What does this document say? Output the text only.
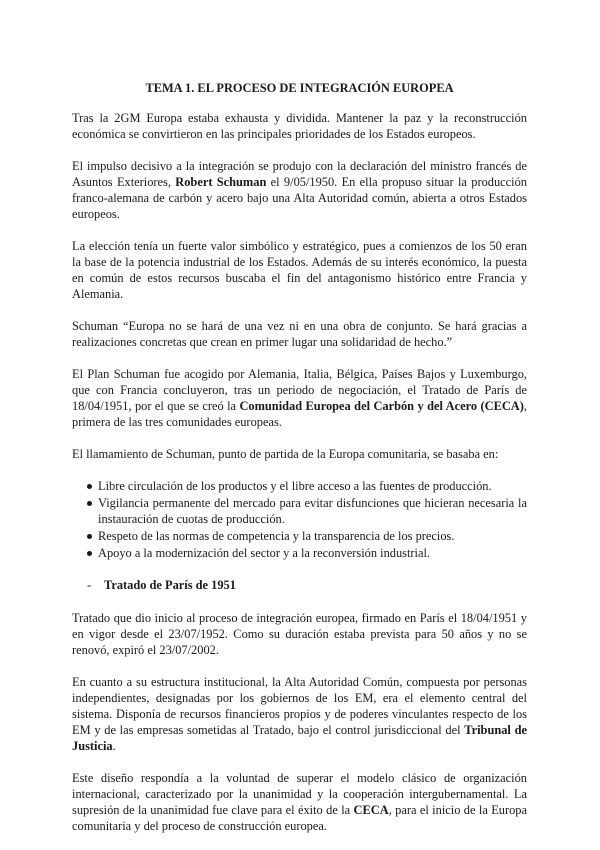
TEMA 1. EL PROCESO DE INTEGRACIÓN EUROPEA

Tras la 2GM Europa estaba exhausta y dividida. Mantener la paz y la reconstrucción económica se convirtieron en las principales prioridades de los Estados europeos.

El impulso decisivo a la integración se produjo con la declaración del ministro francés de Asuntos Exteriores, Robert Schuman el 9/05/1950. En ella propuso situar la producción franco-alemana de carbón y acero bajo una Alta Autoridad común, abierta a otros Estados europeos.

La elección tenía un fuerte valor simbólico y estratégico, pues a comienzos de los 50 eran la base de la potencia industrial de los Estados. Además de su interés económico, la puesta en común de estos recursos buscaba el fin del antagonismo histórico entre Francia y Alemania.

Schuman “Europa no se hará de una vez ni en una obra de conjunto. Se hará gracias a realizaciones concretas que crean en primer lugar una solidaridad de hecho.”

El Plan Schuman fue acogido por Alemania, Italia, Bélgica, Países Bajos y Luxemburgo, que con Francia concluyeron, tras un periodo de negociación, el Tratado de París de 18/04/1951, por el que se creó la Comunidad Europea del Carbón y del Acero (CECA), primera de las tres comunidades europeas.

El llamamiento de Schuman, punto de partida de la Europa comunitaria, se basaba en:

Libre circulación de los productos y el libre acceso a las fuentes de producción.
Vigilancia permanente del mercado para evitar disfunciones que hicieran necesaria la instauración de cuotas de producción.
Respeto de las normas de competencia y la transparencia de los precios.
Apoyo a la modernización del sector y a la reconversión industrial.
- Tratado de París de 1951

Tratado que dio inicio al proceso de integración europea, firmado en París el 18/04/1951 y en vigor desde el 23/07/1952. Como su duración estaba prevista para 50 años y no se renovó, expiró el 23/07/2002.

En cuanto a su estructura institucional, la Alta Autoridad Común, compuesta por personas independientes, designadas por los gobiernos de los EM, era el elemento central del sistema. Disponía de recursos financieros propios y de poderes vinculantes respecto de los EM y de las empresas sometidas al Tratado, bajo el control jurisdiccional del Tribunal de Justicia.

Este diseño respondía a la voluntad de superar el modelo clásico de organización internacional, caracterizado por la unanimidad y la cooperación intergubernamental. La supresión de la unanimidad fue clave para el éxito de la CECA, para el inicio de la Europa comunitaria y del proceso de construcción europea.
